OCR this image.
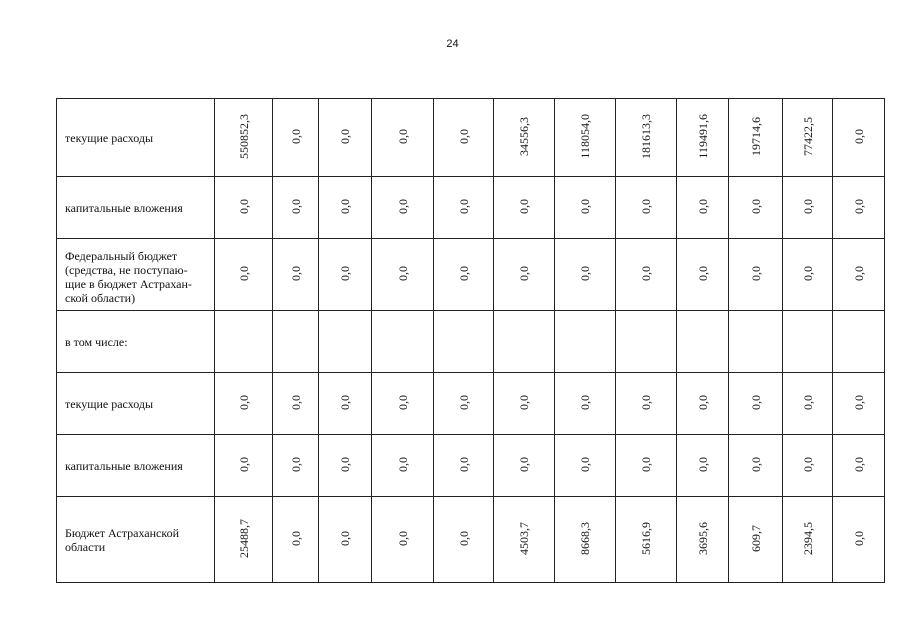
24
текущие расходы	550852,3	0,0	0,0	0,0	0,0	34556,3	118054,0	181613,3	119491,6	19714,6	77422,5	0,0
капитальные вложения	0,0	0,0	0,0	0,0	0,0	0,0	0,0	0,0	0,0	0,0	0,0	0,0
Федеральный бюджет (средства, не поступаю-щие в бюджет Астрахан-ской области)	0,0	0,0	0,0	0,0	0,0	0,0	0,0	0,0	0,0	0,0	0,0	0,0
в том числе:												
текущие расходы	0,0	0,0	0,0	0,0	0,0	0,0	0,0	0,0	0,0	0,0	0,0	0,0
капитальные вложения	0,0	0,0	0,0	0,0	0,0	0,0	0,0	0,0	0,0	0,0	0,0	0,0
Бюджет Астраханской области	25488,7	0,0	0,0	0,0	0,0	4503,7	8668,3	5616,9	3695,6	609,7	2394,5	0,0
